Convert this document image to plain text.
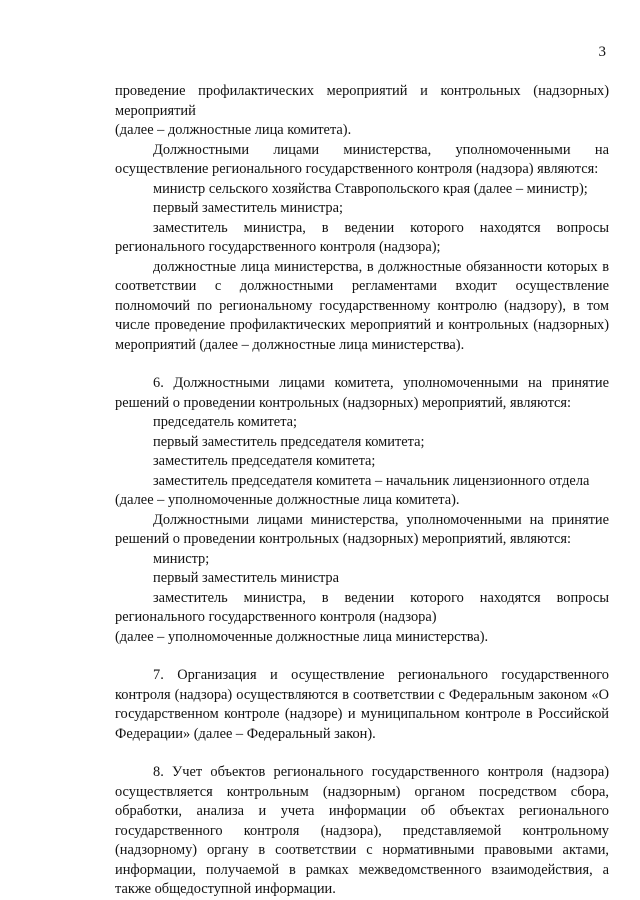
3

проведение профилактических мероприятий и контрольных (надзорных) мероприятий

(далее – должностные лица комитета).

Должностными лицами министерства, уполномоченными на осуществление регионального государственного контроля (надзора) являются:

министр сельского хозяйства Ставропольского края (далее – министр);

первый заместитель министра;

заместитель министра, в ведении которого находятся вопросы регионального государственного контроля (надзора);

должностные лица министерства, в должностные обязанности которых в соответствии с должностными регламентами входит осуществление полномочий по региональному государственному контролю (надзору), в том числе проведение профилактических мероприятий и контрольных (надзорных) мероприятий (далее – должностные лица министерства).

6. Должностными лицами комитета, уполномоченными на принятие решений о проведении контрольных (надзорных) мероприятий, являются:

председатель комитета;

первый заместитель председателя комитета;

заместитель председателя комитета;

заместитель председателя комитета – начальник лицензионного отдела

(далее – уполномоченные должностные лица комитета).

Должностными лицами министерства, уполномоченными на принятие решений о проведении контрольных (надзорных) мероприятий, являются:

министр;

первый заместитель министра

заместитель министра, в ведении которого находятся вопросы регионального государственного контроля (надзора)

(далее – уполномоченные должностные лица министерства).

7. Организация и осуществление регионального государственного контроля (надзора) осуществляются в соответствии с Федеральным законом «О государственном контроле (надзоре) и муниципальном контроле в Российской Федерации» (далее – Федеральный закон).

8. Учет объектов регионального государственного контроля (надзора) осуществляется контрольным (надзорным) органом посредством сбора, обработки, анализа и учета информации об объектах регионального государственного контроля (надзора), представляемой контрольному (надзорному) органу в соответствии с нормативными правовыми актами, информации, получаемой в рамках межведомственного взаимодействия, а также общедоступной информации.
